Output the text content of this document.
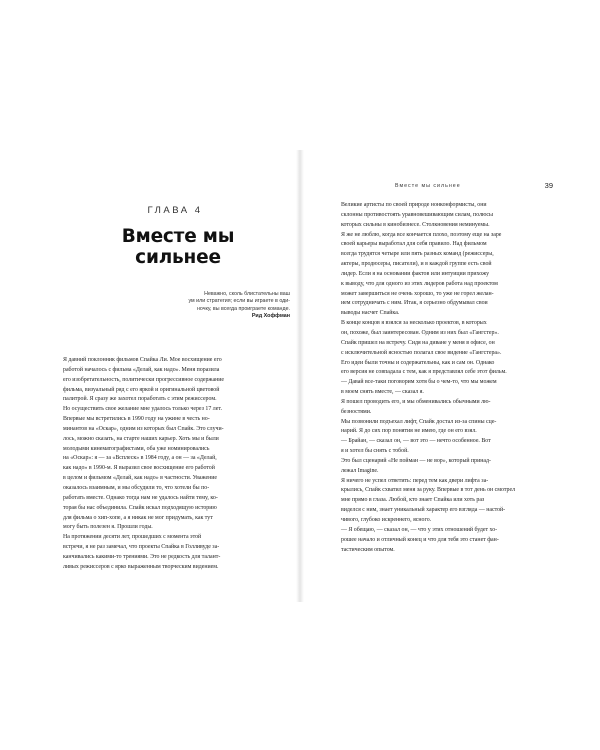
ГЛАВА 4
Вместе мы сильнее
Неважно, сколь блистательны ваш
ум или стратегия; если вы играете в оди-
ночку, вы всегда проиграете команде.
Рид Хоффман

Я давний поклонник фильмов Спайка Ли. Мое восхищение его
работой началось с фильма «Делай, как надо». Меня поразила
его изобретательность, политически прогрессивное содержание
фильма, визуальный ряд с его яркой и оригинальной цветовой
палитрой. Я сразу же захотел поработать с этим режиссером.
Но осуществить свое желание мне удалось только через 17 лет.

Впервые мы встретились в 1990 году на ужине в честь но-
минантов на «Оскар», одним из которых был Спайк. Это случи-
лось, можно сказать, на старте наших карьер. Хоть мы и были
молодыми кинематографистами, оба уже номинировались
на «Оскар»: я — за «Всплеск» в 1984 году, а он — за «Делай,
как надо» в 1990-м. Я выразил свое восхищение его работой
в целом и фильмом «Делай, как надо» в частности. Уважение
оказалось взаимным, и мы обсудили то, что хотели бы по-
работать вместе. Однако тогда нам не удалось найти тему, ко-
торая бы нас объединила. Спайк искал подходящую историю
для фильма о хип-хопе, а я никак не мог придумать, как тут
могу быть полезен я. Прошли годы.

На протяжении десяти лет, прошедших с момента этой
встречи, я не раз замечал, что проекты Спайка в Голливуде за-
канчивались какими-то трениями. Это не редкость для талант-
ливых режиссеров с ярко выраженным творческим видением.

Вместе мы сильнее	39

Великие артисты по своей природе нонконформисты, они
склонны противостоять уравновешивающим силам, полюсы
которых сильны в кинобизнесе. Столкновения неминуемы.
Я же не люблю, когда все кончается плохо, поэтому еще на заре
своей карьеры выработал для себя правило. Над фильмом
всегда трудятся четыре или пять разных команд (режиссеры,
актеры, продюсеры, писатели), и в каждой группе есть свой
лидер. Если я на основании фактов или интуиции прихожу
к выводу, что для одного из этих лидеров работа над проектом
может завершиться не очень хорошо, то уже не горел желан-
ием сотрудничать с ним. Итак, я серьезно обдумывал свои
выводы насчет Спайка.

В конце концов я взялся за несколько проектов, в которых
он, похоже, был заинтересован. Одним из них был «Гангстер».
Спайк пришел на встречу. Сидя на диване у меня в офисе, он
с исключительной ясностью полагал свое видение «Гангстера».
Его идеи были точны и содержательны, как и сам он. Однако
его версия не совпадала с тем, как я представлял себе этот фильм.
— Давай все-таки поговорим хотя бы о чем-то, что мы можем
в моем снять вместе, — сказал я.
Я пошел проводить его, и мы обменивались обычными лю-
безностями.

Мы позвонили подъехал лифт, Спайк достал из-за спины сце-
нарий. Я до сих пор понятия не имею, где он его взял.
— Брайан, — сказал он, — вот это — нечто особенное. Вот
я и хотел бы снять с тобой.
Это был сценарий «Не пойман — не вор», который принад-
лежал Imagine.

Я ничего не успел ответить: перед тем как двери лифта за-
крылись, Спайк схватил меня за руку. Впервые в тот день он смотрел
мне прямо в глаза. Любой, кто знает Спайка или хоть раз
виделся с ним, знает уникальный характер его взгляда — настой-
чивого, глубоко искреннего, ясного.
— Я обещаю, — сказал он, — что у этих отношений будет хо-
рошее начало и отличный конец и что для тебя это станет фан-
тастическим опытом.
